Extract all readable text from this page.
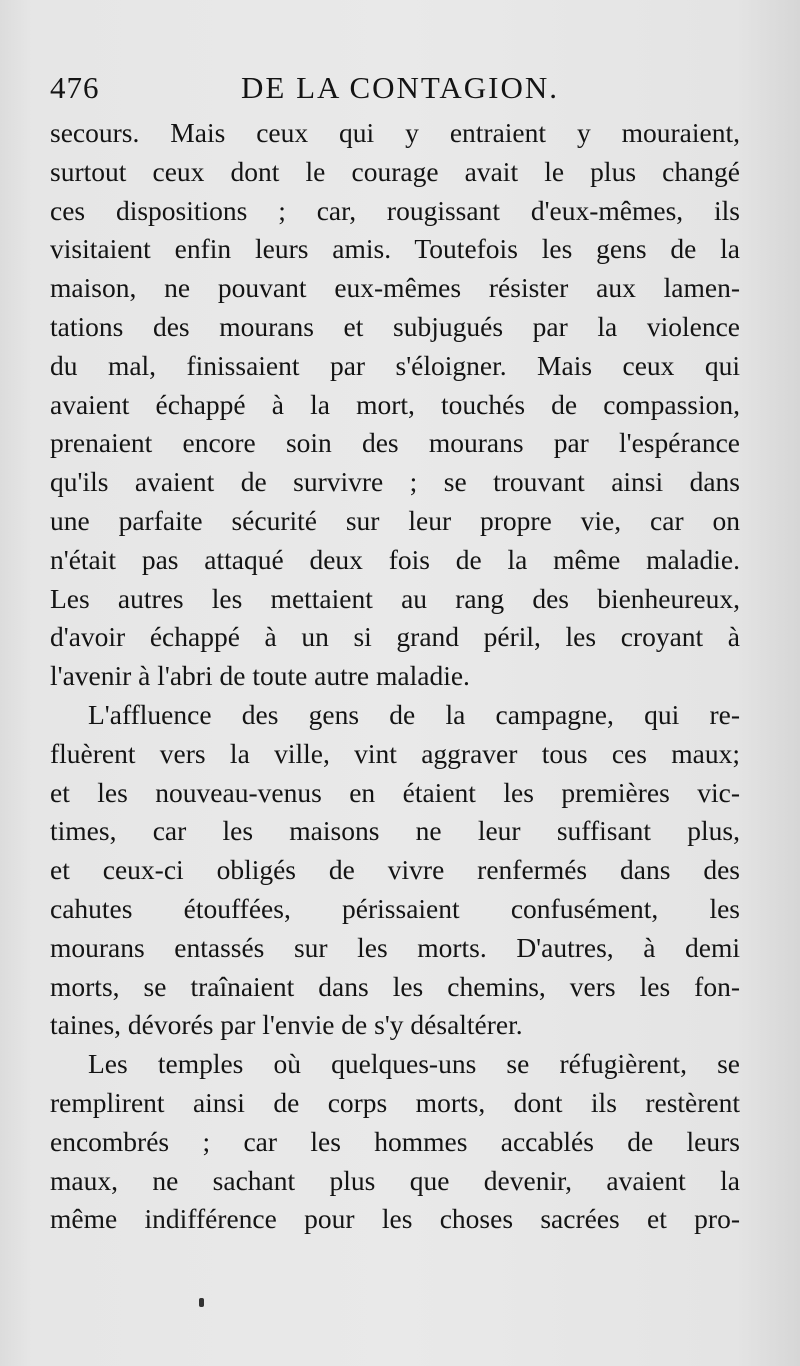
476	DE LA CONTAGION.
secours. Mais ceux qui y entraient y mouraient,
surtout ceux dont le courage avait le plus changé
ces dispositions ; car, rougissant d'eux-mêmes, ils
visitaient enfin leurs amis. Toutefois les gens de la
maison, ne pouvant eux-mêmes résister aux lamen-
tations des mourans et subjugués par la violence
du mal, finissaient par s'éloigner. Mais ceux qui
avaient échappé à la mort, touchés de compassion,
prenaient encore soin des mourans par l'espérance
qu'ils avaient de survivre ; se trouvant ainsi dans
une parfaite sécurité sur leur propre vie, car on
n'était pas attaqué deux fois de la même maladie.
Les autres les mettaient au rang des bienheureux,
d'avoir échappé à un si grand péril, les croyant à
l'avenir à l'abri de toute autre maladie.
L'affluence des gens de la campagne, qui re-
fluèrent vers la ville, vint aggraver tous ces maux;
et les nouveau-venus en étaient les premières vic-
times, car les maisons ne leur suffisant plus,
et ceux-ci obligés de vivre renfermés dans des
cahutes étouffées, périssaient confusément, les
mourans entassés sur les morts. D'autres, à demi
morts, se traînaient dans les chemins, vers les fon-
taines, dévorés par l'envie de s'y désaltérer.
Les temples où quelques-uns se réfugièrent, se
remplirent ainsi de corps morts, dont ils restèrent
encombrés ; car les hommes accablés de leurs
maux, ne sachant plus que devenir, avaient la
même indifférence pour les choses sacrées et pro-
